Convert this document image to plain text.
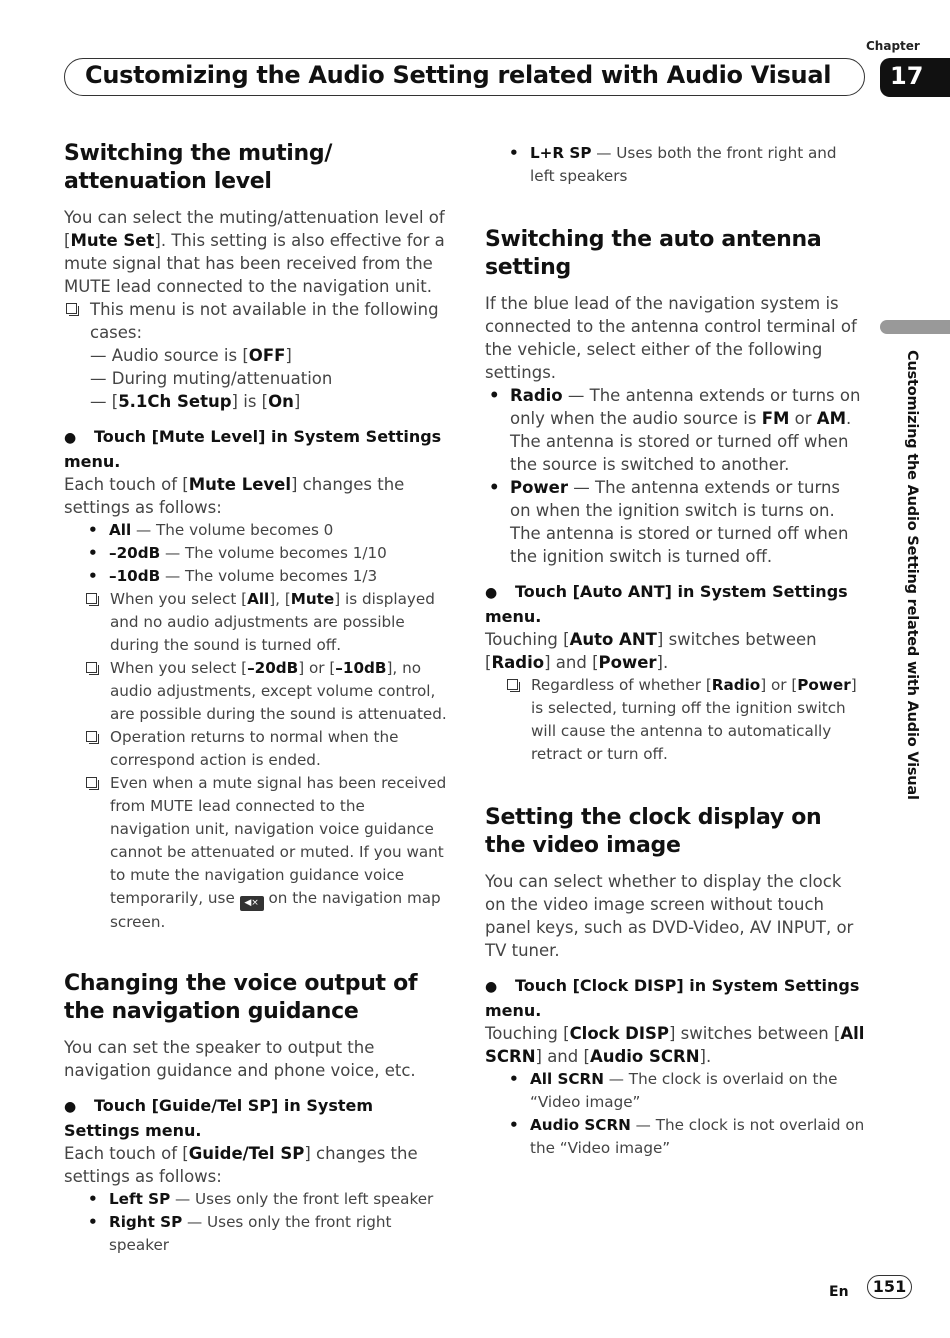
Chapter
Customizing the Audio Setting related with Audio Visual 17
Customizing the Audio Setting related with Audio Visual
Switching the muting/ attenuation level

You can select the muting/attenuation level of [Mute Set]. This setting is also effective for a mute signal that has been received from the MUTE lead connected to the navigation unit.

This menu is not available in the following cases:
— Audio source is [OFF]
— During muting/attenuation
— [5.1Ch Setup] is [On]
● Touch [Mute Level] in System Settings menu.

Each touch of [Mute Level] changes the settings as follows:

• All — The volume becomes 0
• –20dB — The volume becomes 1/10
• –10dB — The volume becomes 1/3
When you select [All], [Mute] is displayed and no audio adjustments are possible during the sound is turned off.
When you select [–20dB] or [–10dB], no audio adjustments, except volume control, are possible during the sound is attenuated.
Operation returns to normal when the correspond action is ended.
Even when a mute signal has been received from MUTE lead connected to the navigation unit, navigation voice guidance cannot be attenuated or muted. If you want to mute the navigation guidance voice temporarily, use ◀× on the navigation map screen.
Changing the voice output of the navigation guidance

You can set the speaker to output the navigation guidance and phone voice, etc.

● Touch [Guide/Tel SP] in System Settings menu.

Each touch of [Guide/Tel SP] changes the settings as follows:

• Left SP — Uses only the front left speaker
• Right SP — Uses only the front right speaker
• L+R SP — Uses both the front right and left speakers
Switching the auto antenna setting

If the blue lead of the navigation system is connected to the antenna control terminal of the vehicle, select either of the following settings.

• Radio — The antenna extends or turns on only when the audio source is FM or AM. The antenna is stored or turned off when the source is switched to another.
• Power — The antenna extends or turns on when the ignition switch is turns on. The antenna is stored or turned off when the ignition switch is turned off.
● Touch [Auto ANT] in System Settings menu.

Touching [Auto ANT] switches between [Radio] and [Power].

Regardless of whether [Radio] or [Power] is selected, turning off the ignition switch will cause the antenna to automatically retract or turn off.
Setting the clock display on the video image

You can select whether to display the clock on the video image screen without touch panel keys, such as DVD-Video, AV INPUT, or TV tuner.

● Touch [Clock DISP] in System Settings menu.

Touching [Clock DISP] switches between [All SCRN] and [Audio SCRN].

• All SCRN — The clock is overlaid on the “Video image”
• Audio SCRN — The clock is not overlaid on the “Video image”
En	151
